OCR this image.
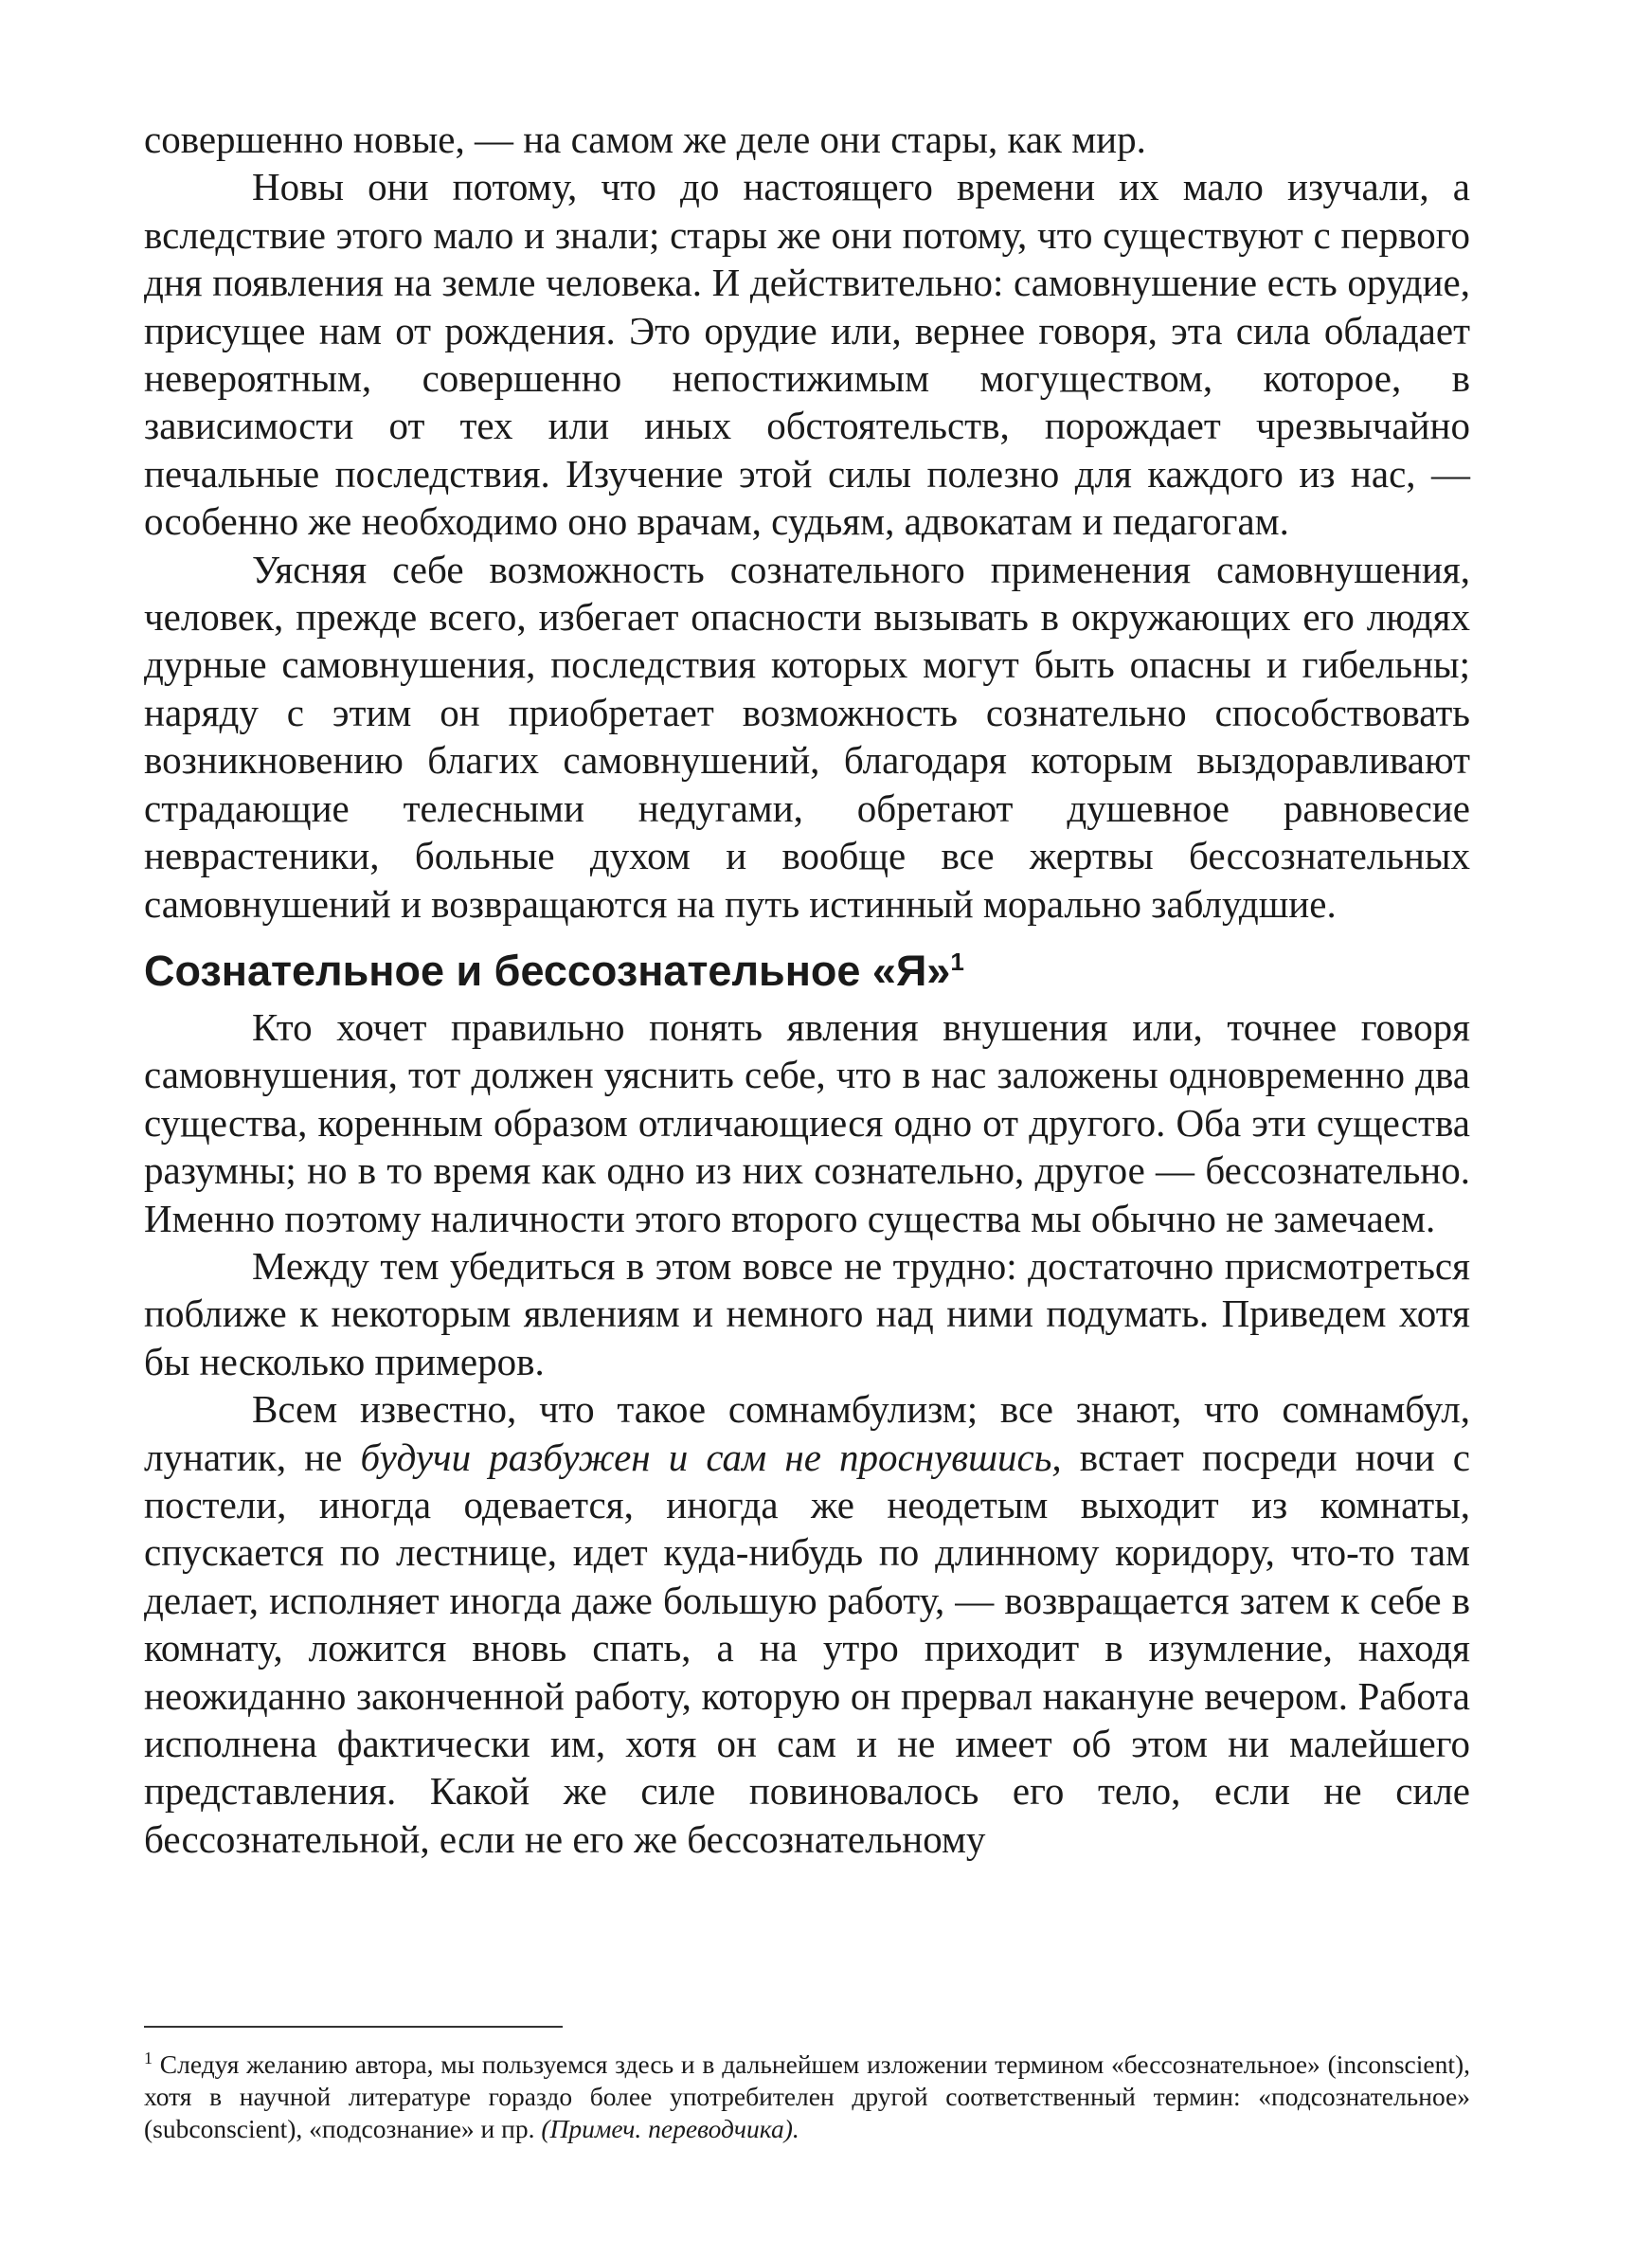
совершенно новые, — на самом же деле они стары, как мир.

Новы они потому, что до настоящего времени их мало изучали, а вследствие этого мало и знали; стары же они потому, что существуют с первого дня появления на земле человека. И действительно: самовнушение есть орудие, присущее нам от рождения. Это орудие или, вернее говоря, эта сила обладает невероятным, совершенно непостижимым могуществом, которое, в зависимости от тех или иных обстоятельств, порождает чрезвычайно печальные последствия. Изучение этой силы полезно для каждого из нас, — особенно же необходимо оно врачам, судьям, адвокатам и педагогам.

Уясняя себе возможность сознательного применения самовнушения, человек, прежде всего, избегает опасности вызывать в окружающих его людях дурные самовнушения, последствия которых могут быть опасны и гибельны; наряду с этим он приобретает возможность сознательно способствовать возникновению благих самовнушений, благодаря которым выздоравливают страдающие телесными недугами, обретают душевное равновесие неврастеники, больные духом и вообще все жертвы бессознательных самовнушений и возвращаются на путь истинный морально заблудшие.

Сознательное и бессознательное «Я»$^1$

Кто хочет правильно понять явления внушения или, точнее говоря самовнушения, тот должен уяснить себе, что в нас заложены одновременно два существа, коренным образом отличающиеся одно от другого. Оба эти существа разумны; но в то время как одно из них сознательно, другое — бессознательно. Именно поэтому наличности этого второго существа мы обычно не замечаем.

Между тем убедиться в этом вовсе не трудно: достаточно присмотреться поближе к некоторым явлениям и немного над ними подумать. Приведем хотя бы несколько примеров.

Всем известно, что такое сомнамбулизм; все знают, что сомнамбул, лунатик, не будучи разбужен и сам не проснувшись, встает посреди ночи с постели, иногда одевается, иногда же неодетым выходит из комнаты, спускается по лестнице, идет куда-нибудь по длинному коридору, что-то там делает, исполняет иногда даже большую работу, — возвращается затем к себе в комнату, ложится вновь спать, а на утро приходит в изумление, находя неожиданно законченной работу, которую он прервал накануне вечером. Работа исполнена фактически им, хотя он сам и не имеет об этом ни малейшего представления. Какой же силе повиновалось его тело, если не силе бессознательной, если не его же бессознательному

$^1$ Следуя желанию автора, мы пользуемся здесь и в дальнейшем изложении термином «бессознательное» (inconscient), хотя в научной литературе гораздо более употребителен другой соответственный термин: «подсознательное» (subconscient), «подсознание» и пр. (Примеч. переводчика).
